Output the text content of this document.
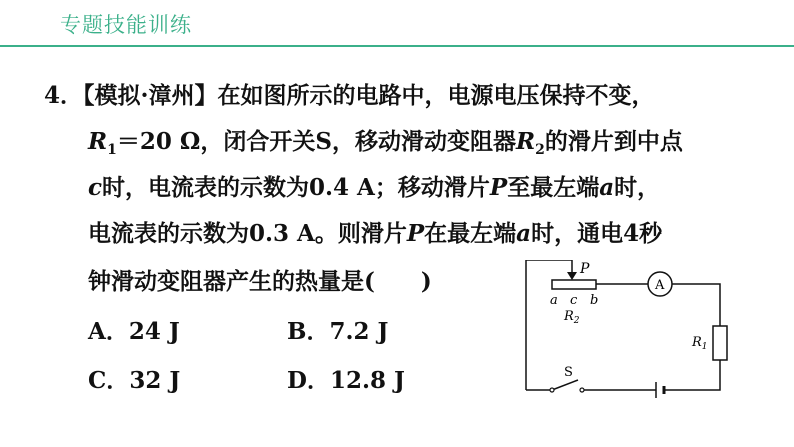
专题技能训练
4．【模拟·漳州】在如图所示的电路中，电源电压保持不变，
$R_1=20$ Ω，闭合开关S，移动滑动变阻器$R_2$的滑片到中点
c时，电流表的示数为0.4 A；移动滑片P至最左端a时，
电流表的示数为0.3 A。则滑片P在最左端a时，通电4秒
钟滑动变阻器产生的热量是(　　)
A．24 J	B．7.2 J
C．32 J	D．12.8 J
P
A
a c b
$R_2$
$R_1$
S
